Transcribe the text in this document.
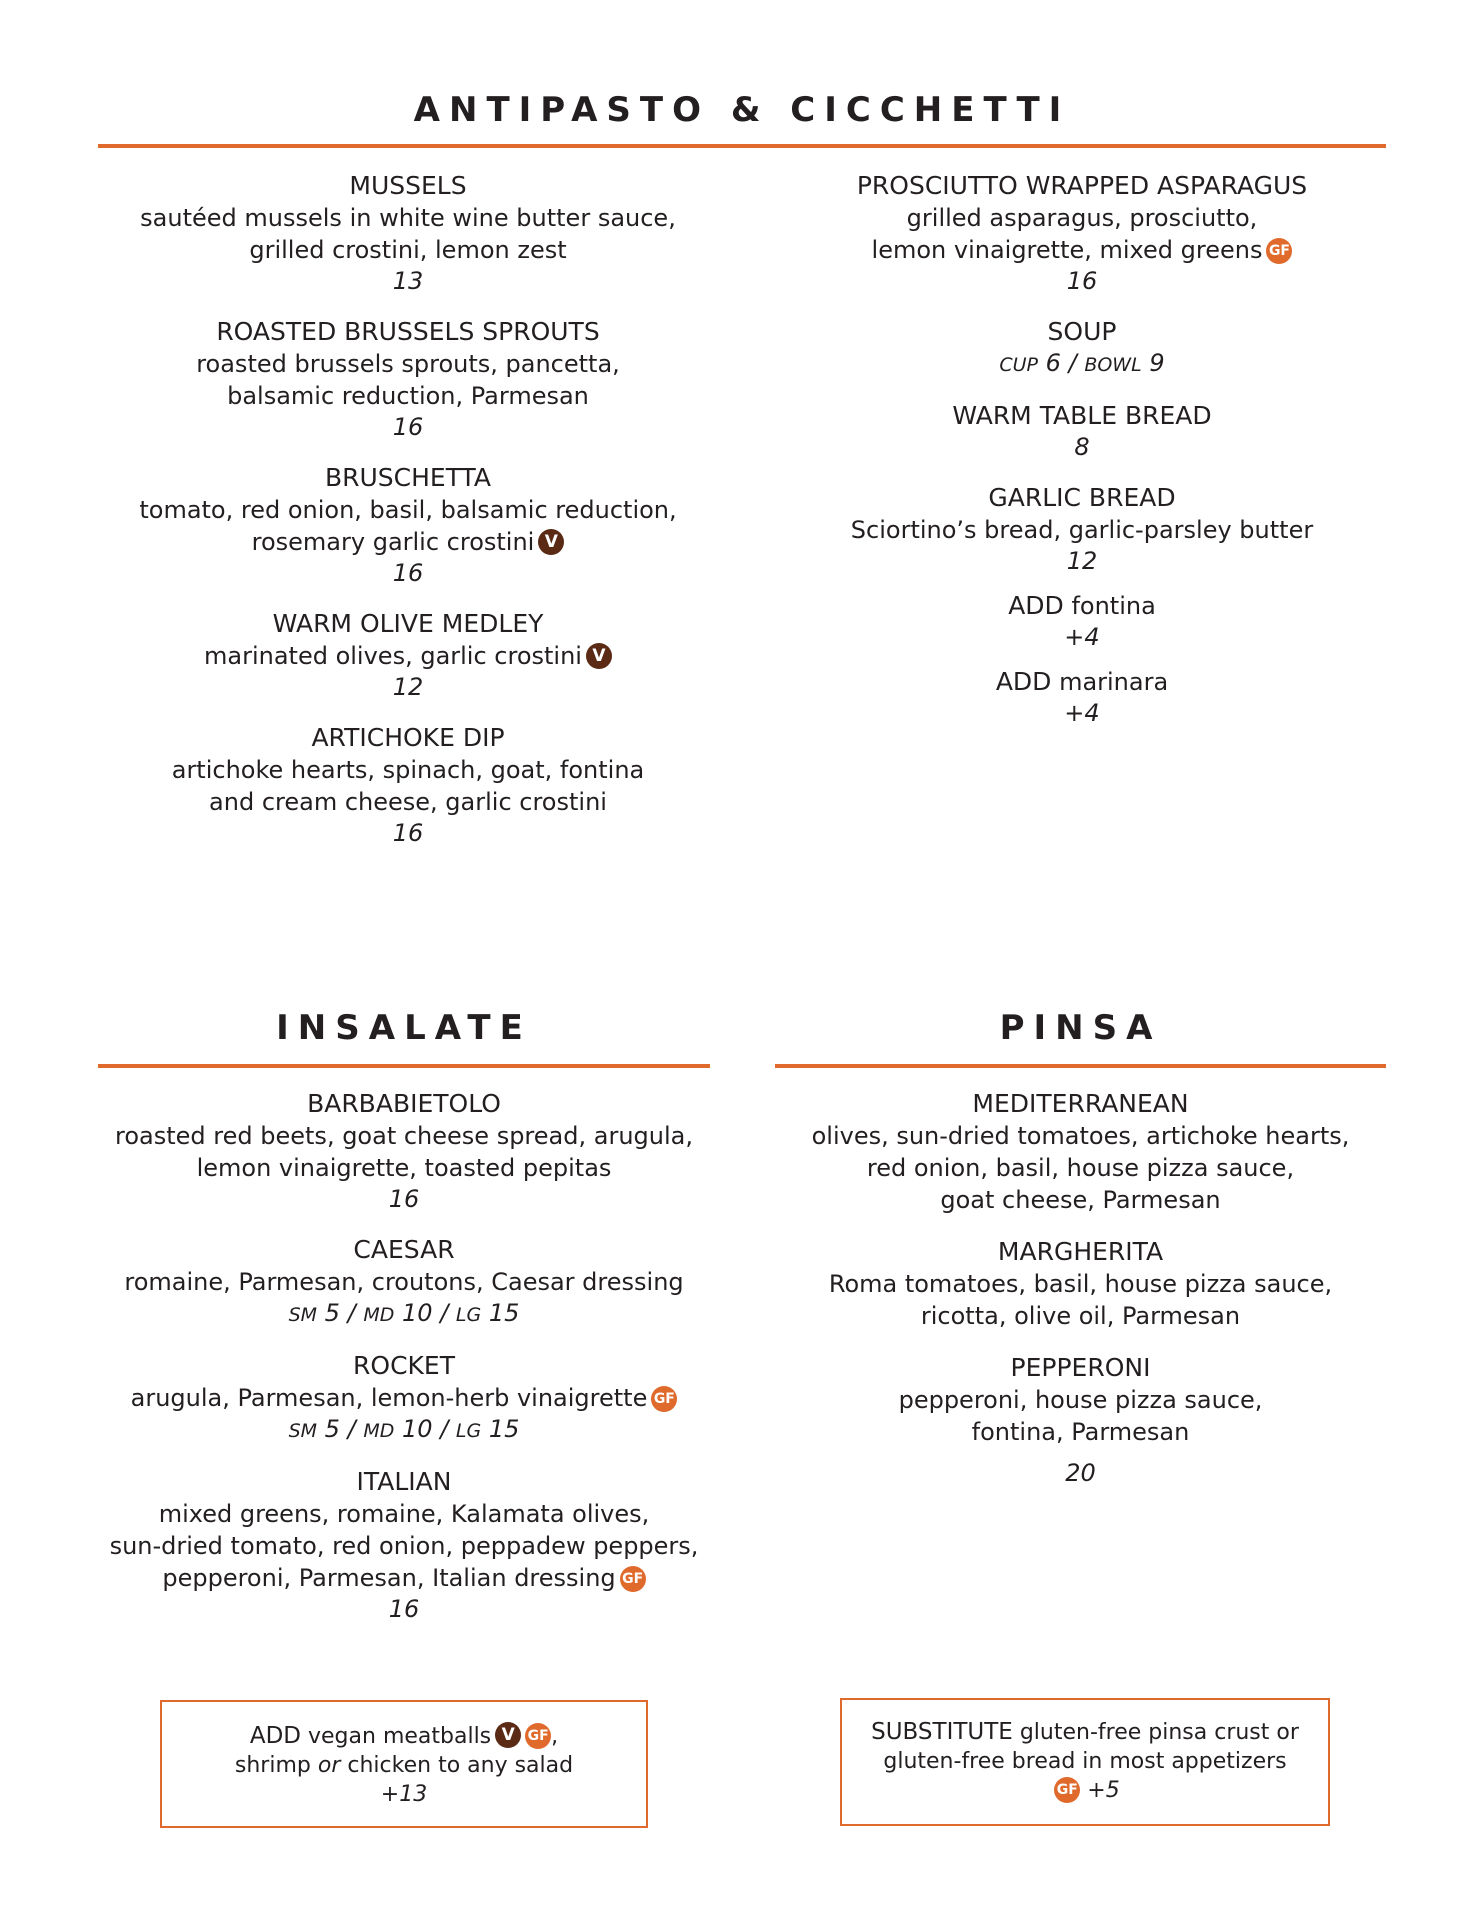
ANTIPASTO & CICCHETTI
MUSSELS
sautéed mussels in white wine butter sauce,
grilled crostini, lemon zest
13
ROASTED BRUSSELS SPROUTS
roasted brussels sprouts, pancetta,
balsamic reduction, Parmesan
16
BRUSCHETTA
tomato, red onion, basil, balsamic reduction,
rosemary garlic crostini V
16
WARM OLIVE MEDLEY
marinated olives, garlic crostini V
12
ARTICHOKE DIP
artichoke hearts, spinach, goat, fontina
and cream cheese, garlic crostini
16
PROSCIUTTO WRAPPED ASPARAGUS
grilled asparagus, prosciutto,
lemon vinaigrette, mixed greens GF
16
SOUP
CUP 6 / BOWL 9
WARM TABLE BREAD
8
GARLIC BREAD
Sciortino’s bread, garlic-parsley butter
12
ADD fontina
+4
ADD marinara
+4
INSALATE	PINSA
BARBABIETOLO
roasted red beets, goat cheese spread, arugula,
lemon vinaigrette, toasted pepitas
16
CAESAR
romaine, Parmesan, croutons, Caesar dressing
SM 5 / MD 10 / LG 15
ROCKET
arugula, Parmesan, lemon-herb vinaigrette GF
SM 5 / MD 10 / LG 15
ITALIAN
mixed greens, romaine, Kalamata olives,
sun-dried tomato, red onion, peppadew peppers,
pepperoni, Parmesan, Italian dressing GF
16
MEDITERRANEAN
olives, sun-dried tomatoes, artichoke hearts,
red onion, basil, house pizza sauce,
goat cheese, Parmesan
MARGHERITA
Roma tomatoes, basil, house pizza sauce,
ricotta, olive oil, Parmesan
PEPPERONI
pepperoni, house pizza sauce,
fontina, Parmesan
20
ADD vegan meatballs V GF ,
shrimp or chicken to any salad
+13
SUBSTITUTE gluten-free pinsa crust or
gluten-free bread in most appetizers
GF +5
